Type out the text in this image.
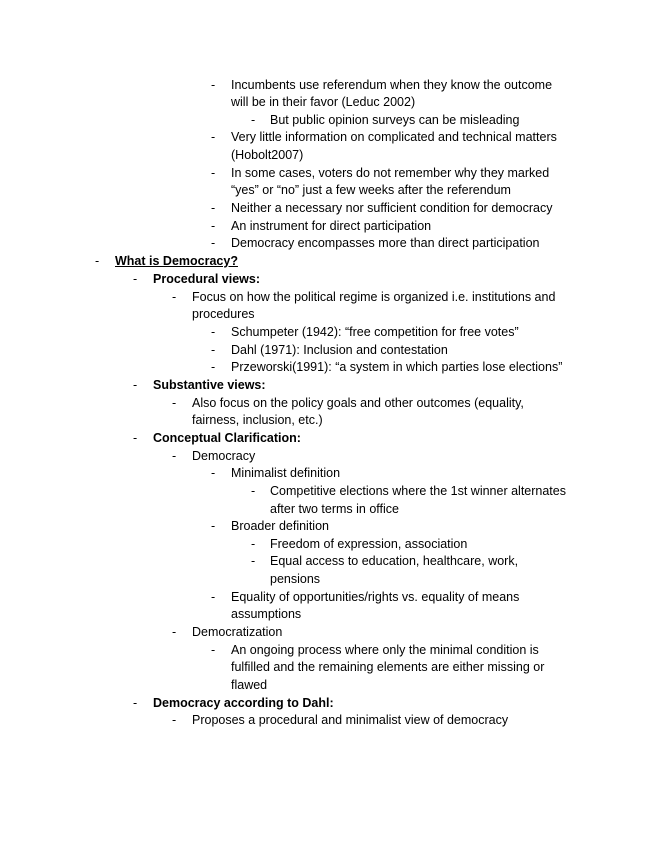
- Incumbents use referendum when they know the outcome
will be in their favor (Leduc 2002)
- But public opinion surveys can be misleading
- Very little information on complicated and technical matters
(Hobolt2007)
- In some cases, voters do not remember why they marked
“yes” or “no” just a few weeks after the referendum
- Neither a necessary nor sufficient condition for democracy
- An instrument for direct participation
- Democracy encompasses more than direct participation
- What is Democracy?
- Procedural views:
- Focus on how the political regime is organized i.e. institutions and
procedures
- Schumpeter (1942): “free competition for free votes”
- Dahl (1971): Inclusion and contestation
- Przeworski(1991): “a system in which parties lose elections”
- Substantive views:
- Also focus on the policy goals and other outcomes (equality,
fairness, inclusion, etc.)
- Conceptual Clarification:
- Democracy
- Minimalist definition
- Competitive elections where the 1st winner alternates
after two terms in office
- Broader definition
- Freedom of expression, association
- Equal access to education, healthcare, work,
pensions
- Equality of opportunities/rights vs. equality of means
assumptions
- Democratization
- An ongoing process where only the minimal condition is
fulfilled and the remaining elements are either missing or
flawed
- Democracy according to Dahl:
- Proposes a procedural and minimalist view of democracy
